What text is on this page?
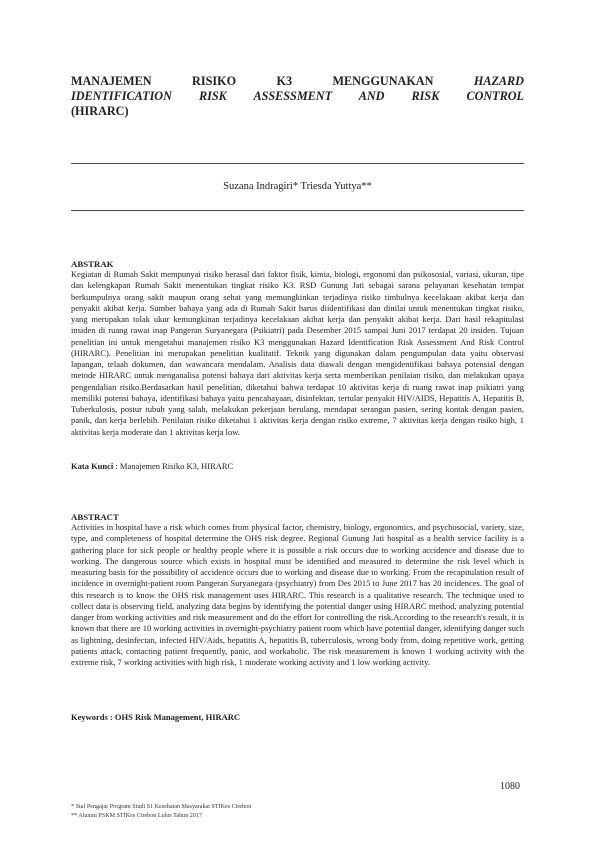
MANAJEMEN RISIKO K3 MENGGUNAKAN HAZARD
IDENTIFICATION RISK ASSESSMENT AND RISK CONTROL
(HIRARC)
Suzana Indragiri* Triesda Yuttya**
ABSTRAK
Kegiatan di Rumah Sakit mempunyai risiko berasal dari faktor fisik, kimia, biologi, ergonomi dan psikososial, variasi, ukuran, tipe dan kelengkapan Rumah Sakit menentukan tingkat risiko K3. RSD Gunung Jati sebagai sarana pelayanan kesehatan tempat berkumpulnya orang sakit maupun orang sehat yang memungkinkan terjadinya risiko timbulnya kecelakaan akibat kerja dan penyakit akibat kerja. Sumber bahaya yang ada di Rumah Sakit harus diidentifikasi dan dinilai untuk menentukan tingkat risiko, yang merupakan tolak ukur kemungkinan terjadinya kecelakaan akibat kerja dan penyakit akibat kerja. Dari hasil rekapitulasi insiden di ruang rawat inap Pangeran Suryanegara (Psikiatri) pada Desember 2015 sampai Juni 2017 terdapat 20 insiden. Tujuan penelitian ini untuk mengetahui manajemen risiko K3 menggunakan Hazard Identification Risk Assessment And Risk Control (HIRARC). Penelitian ini merupakan penelitian kualitatif. Teknik yang digunakan dalam pengumpulan data yaitu observasi lapangan, telaah dokumen, dan wawancara mendalam. Analisis data diawali dengan mengidentifikasi bahaya potensial dengan metode HIRARC untuk menganalisa potensi bahaya dari aktivitas kerja serta memberikan penilaian risiko, dan melakukan upaya pengendalian risiko.Berdasarkan hasil penelitian, diketahui bahwa terdapat 10 aktivitas kerja di ruang rawat inap psikiatri yang memiliki potensi bahaya, identifikasi bahaya yaitu pencahayaan, disinfektan, tertular penyakit HIV/AIDS, Hepatitis A, Hepatitis B, Tuberkulosis, postur tubuh yang salah, melakukan pekerjaan berulang, mendapat serangan pasien, sering kontak dengan pasien, panik, dan kerja berlebih. Penilaian risiko diketahui 1 aktivitas kerja dengan risiko extreme, 7 aktivitas kerja dengan risiko high, 1 aktivitas kerja moderate dan 1 aktivitas kerja low.
Kata Kunci : Manajemen Risiko K3, HIRARC
ABSTRACT
Activities in hospital have a risk which comes from physical factor, chemistry, biology, ergonomics, and psychosocial, variety, size, type, and completeness of hospital determine the OHS risk degree. Regional Gunung Jati hospital as a health service facility is a gathering place for sick people or healthy people where it is possible a risk occurs due to working accidence and disease due to working. The dangerous source which exists in hospital must be identified and measured to determine the risk level which is measuring basis for the possibility of accidence occurs due to working and disease due to working. From the recapitulation result of incidence in overnight-patient room Pangeran Suryanegara (psychiatry) from Des 2015 to June 2017 has 20 incidences. The goal of this research is to know the OHS risk management uses HIRARC. This research is a qualitative research. The technique used to collect data is observing field, analyzing data begins by identifying the potential danger using HIRARC method, analyzing potential danger from working activities and risk measurement and do the effort for controlling the risk.According to the research's result, it is known that there are 10 working activities in overnight-psychiatry patient room which have potential danger, identifying danger such as lightning, desinfectan, infected HIV/Aids, hepatitis A, hepatitis B, tuberculosis, wrong body from, doing repetitive work, getting patients attack, contacting patient frequently, panic, and workaholic. The risk measurement is known 1 working activity with the extreme risk, 7 working activities with high risk, 1 moderate working activity and 1 low working activity.
Keywords : OHS Risk Management, HIRARC
* Staf Pengajar Program Studi S1 Kesehatan Masyarakat STIKes Cirebon
** Alumni PSKM STIKes Cirebon Lulus Tahun 2017
1080
